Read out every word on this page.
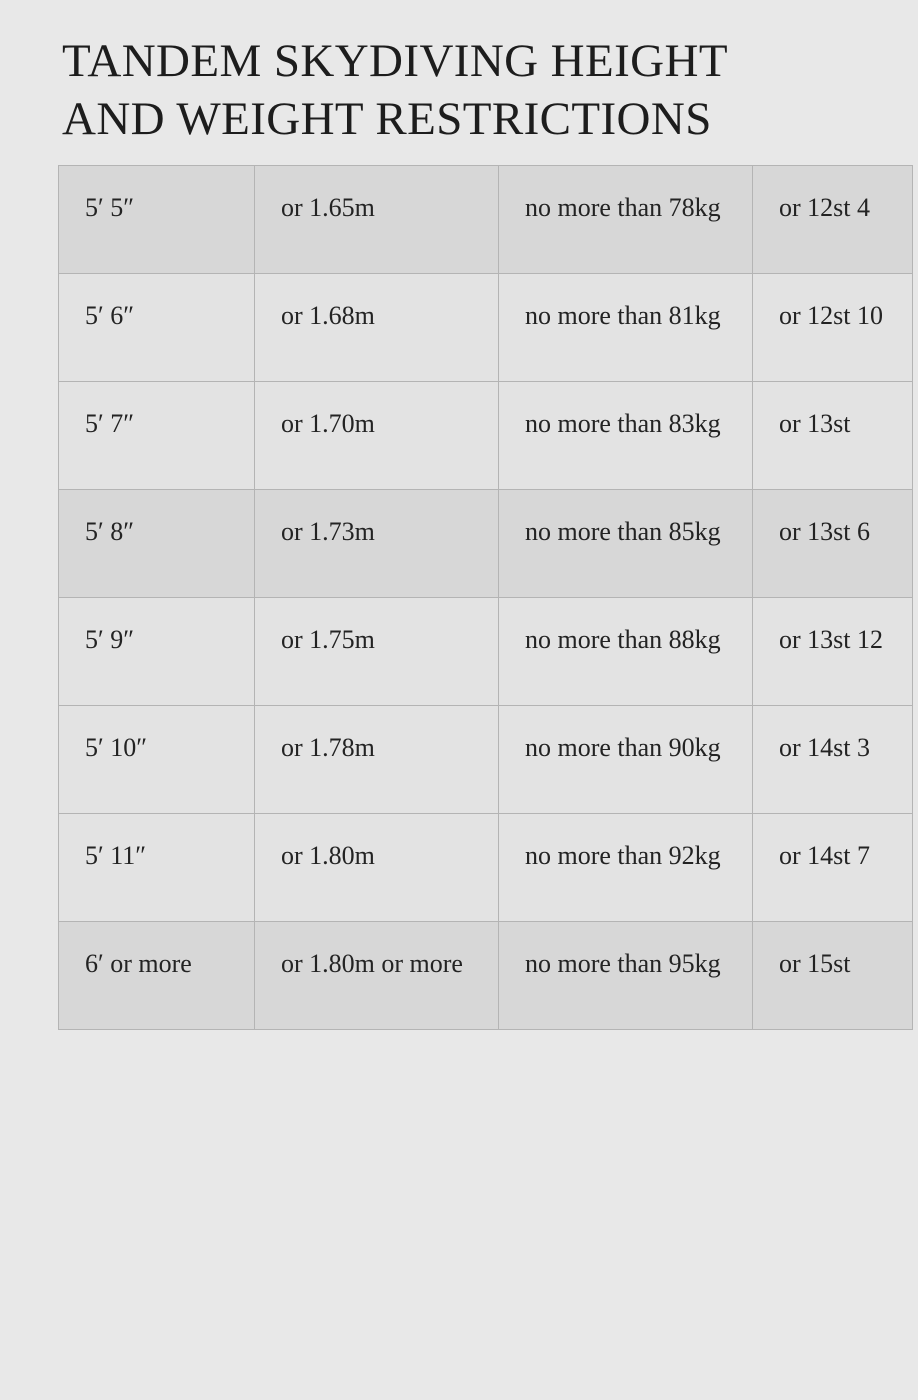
TANDEM SKYDIVING HEIGHT
AND WEIGHT RESTRICTIONS
5′ 5″	or 1.65m	no more than 78kg	or 12st 4
5′ 6″	or 1.68m	no more than 81kg	or 12st 10
5′ 7″	or 1.70m	no more than 83kg	or 13st
5′ 8″	or 1.73m	no more than 85kg	or 13st 6
5′ 9″	or 1.75m	no more than 88kg	or 13st 12
5′ 10″	or 1.78m	no more than 90kg	or 14st 3
5′ 11″	or 1.80m	no more than 92kg	or 14st 7
6′ or more	or 1.80m or more	no more than 95kg	or 15st
